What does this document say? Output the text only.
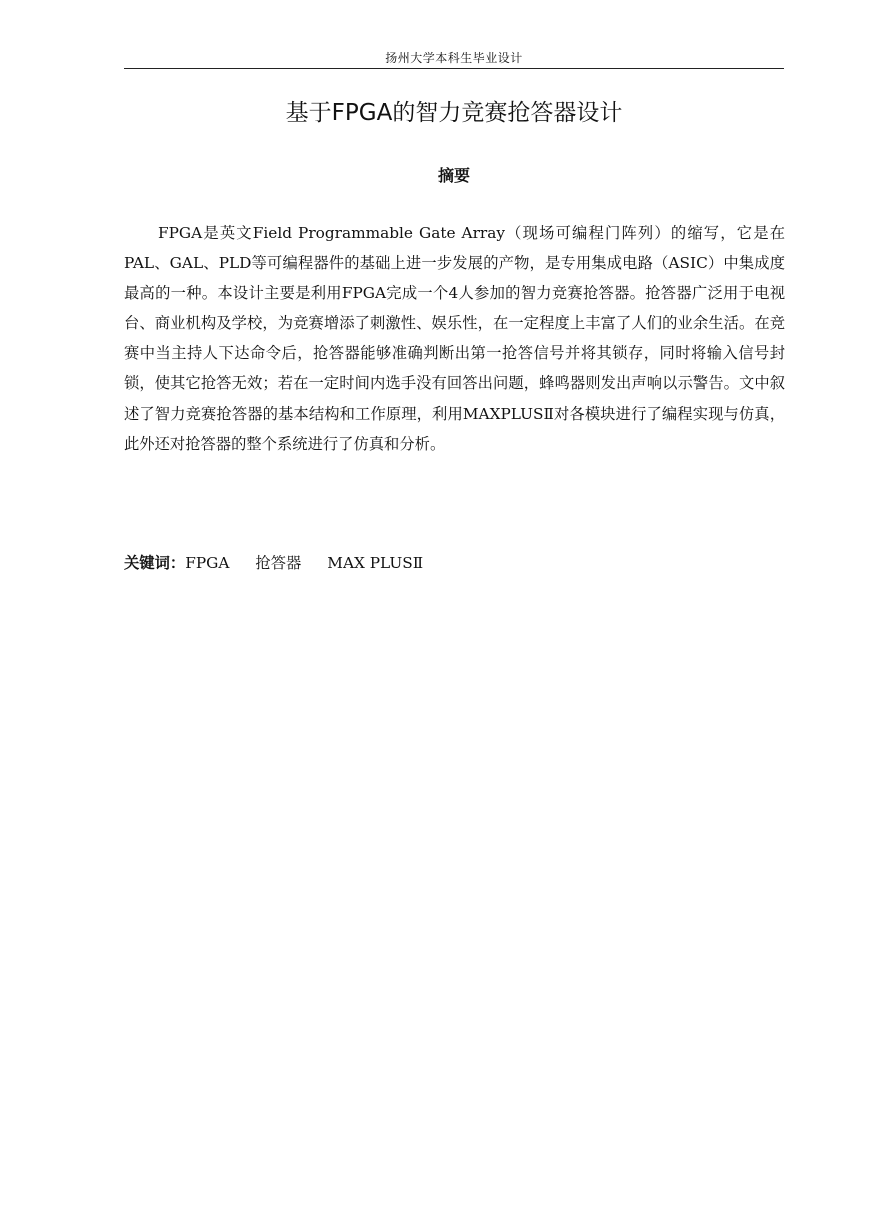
扬州大学本科生毕业设计
基于FPGA的智力竞赛抢答器设计
摘要

FPGA是英文Field Programmable Gate Array（现场可编程门阵列）的缩写，它是在PAL、GAL、PLD等可编程器件的基础上进一步发展的产物，是专用集成电路（ASIC）中集成度最高的一种。本设计主要是利用FPGA完成一个4人参加的智力竞赛抢答器。抢答器广泛用于电视台、商业机构及学校，为竞赛增添了刺激性、娱乐性，在一定程度上丰富了人们的业余生活。在竞赛中当主持人下达命令后，抢答器能够准确判断出第一抢答信号并将其锁存，同时将输入信号封锁，使其它抢答无效；若在一定时间内选手没有回答出问题，蜂鸣器则发出声响以示警告。文中叙述了智力竞赛抢答器的基本结构和工作原理，利用MAXPLUSⅡ对各模块进行了编程实现与仿真，此外还对抢答器的整个系统进行了仿真和分析。

关键词：FPGA 抢答器 MAX PLUSⅡ
